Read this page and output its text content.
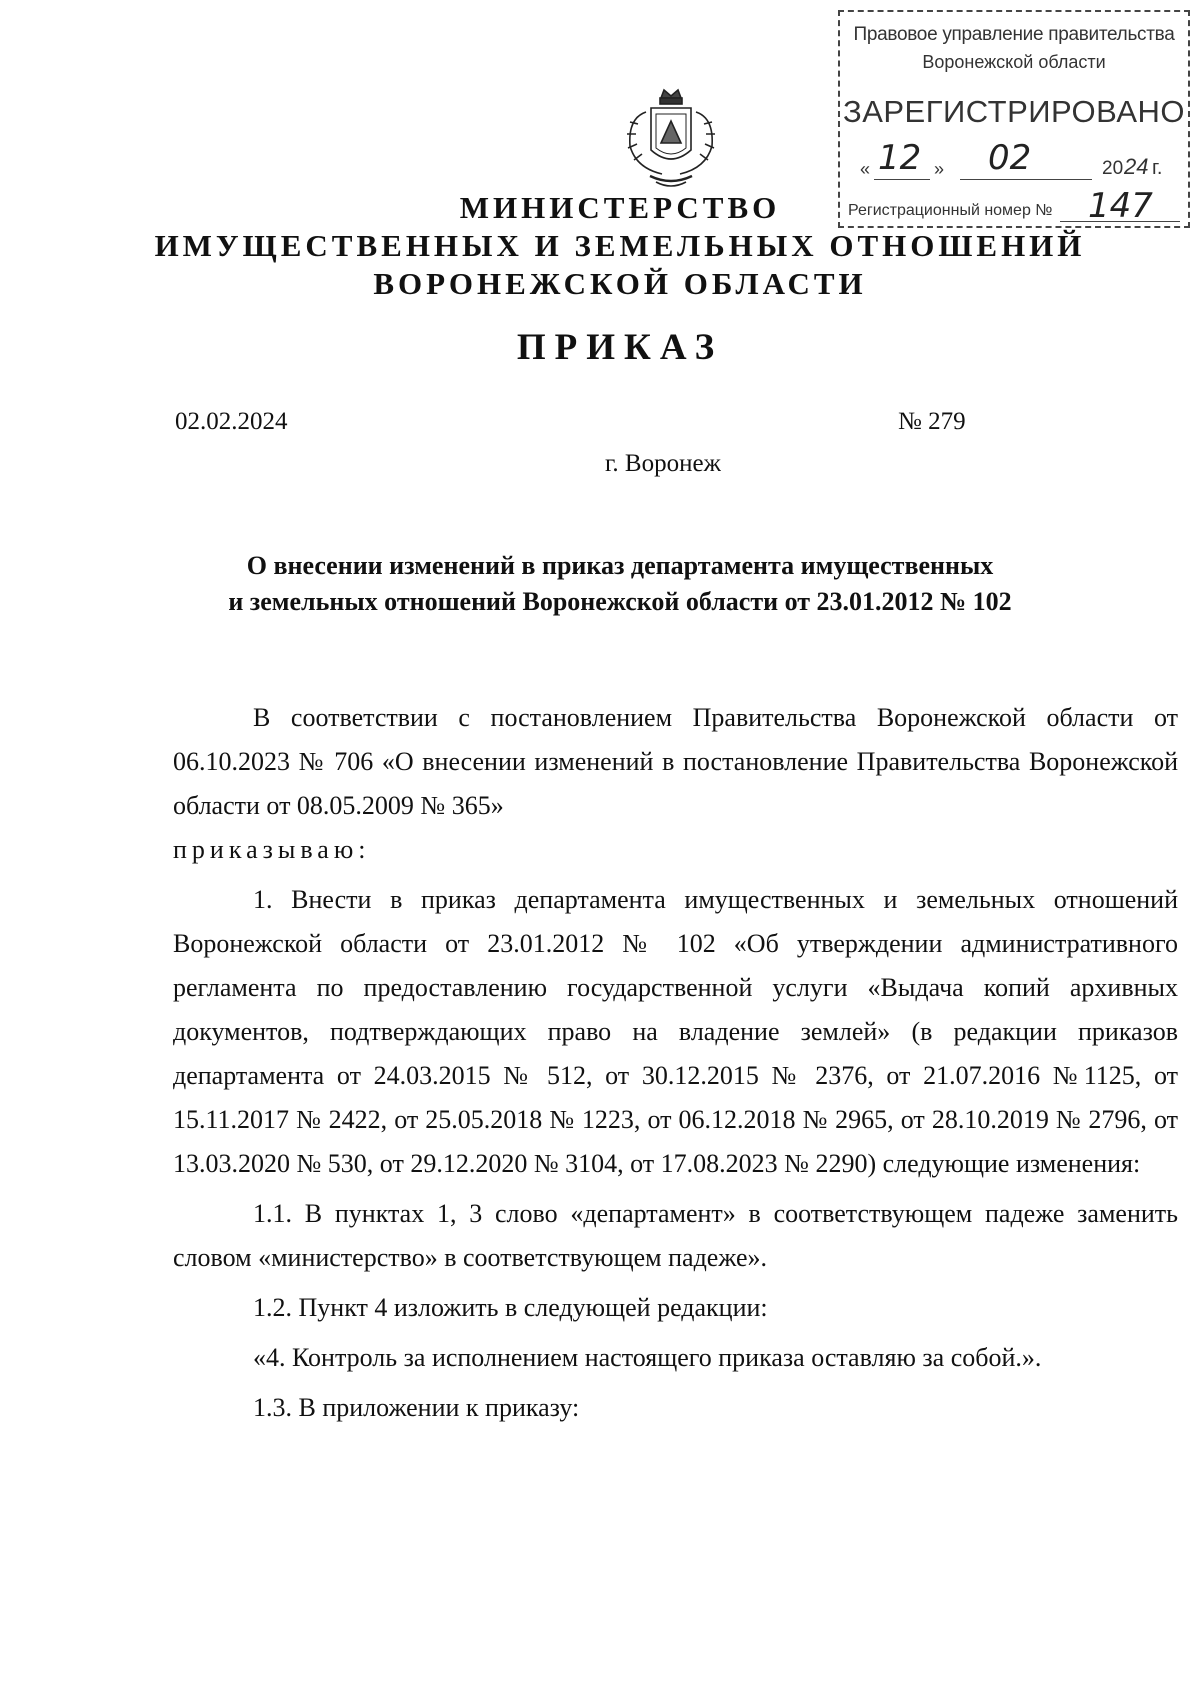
Правовое управление правительства
Воронежской области
ЗАРЕГИСТРИРОВАНО
« 12 » 02	20 24 г.
Регистрационный номер № 147
МИНИСТЕРСТВО
ИМУЩЕСТВЕННЫХ И ЗЕМЕЛЬНЫХ ОТНОШЕНИЙ
ВОРОНЕЖСКОЙ ОБЛАСТИ
ПРИКАЗ
02.02.2024	№ 279
г. Воронеж
О внесении изменений в приказ департамента имущественных
и земельных отношений Воронежской области от 23.01.2012 № 102

В соответствии с постановлением Правительства Воронежской области от 06.10.2023 № 706 «О внесении изменений в постановление Правительства Воронежской области от 08.05.2009 № 365»

приказываю:

1. Внести в приказ департамента имущественных и земельных отношений Воронежской области от 23.01.2012 № 102 «Об утверждении административного регламента по предоставлению государственной услуги «Выдача копий архивных документов, подтверждающих право на владение землей» (в редакции приказов департамента от 24.03.2015 № 512, от 30.12.2015 № 2376, от 21.07.2016 №1125, от 15.11.2017 № 2422, от 25.05.2018 № 1223, от 06.12.2018 № 2965, от 28.10.2019 № 2796, от 13.03.2020 № 530, от 29.12.2020 № 3104, от 17.08.2023 № 2290) следующие изменения:

1.1. В пунктах 1, 3 слово «департамент» в соответствующем падеже заменить словом «министерство» в соответствующем падеже».

1.2. Пункт 4 изложить в следующей редакции:

«4. Контроль за исполнением настоящего приказа оставляю за собой.».

1.3. В приложении к приказу:
